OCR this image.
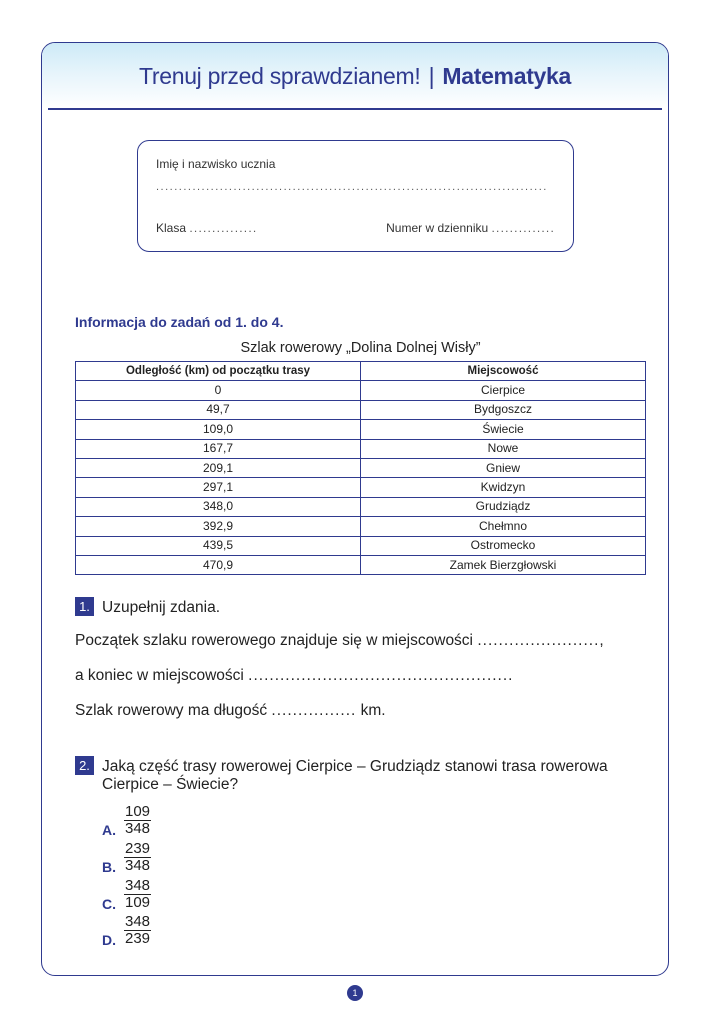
Trenuj przed sprawdzianem! | Matematyka
Imię i nazwisko ucznia
......................................................................................
Klasa ...............	Numer w dzienniku ..............
Informacja do zadań od 1. do 4.
Szlak rowerowy „Dolina Dolnej Wisły”
Odległość (km) od początku trasy	Miejscowość
0	Cierpice
49,7	Bydgoszcz
109,0	Świecie
167,7	Nowe
209,1	Gniew
297,1	Kwidzyn
348,0	Grudziądz
392,9	Chełmno
439,5	Ostromecko
470,9	Zamek Bierzgłowski
1. Uzupełnij zdania.
Początek szlaku rowerowego znajduje się w miejscowości .......................,
a koniec w miejscowości ..................................................
Szlak rowerowy ma długość ................ km.
2. Jaką część trasy rowerowej Cierpice – Grudziądz stanowi trasa rowerowa
Cierpice – Świecie?
A. $\frac{109}{348}$
B. $\frac{239}{348}$
C. $\frac{348}{109}$
D. $\frac{348}{239}$
1
